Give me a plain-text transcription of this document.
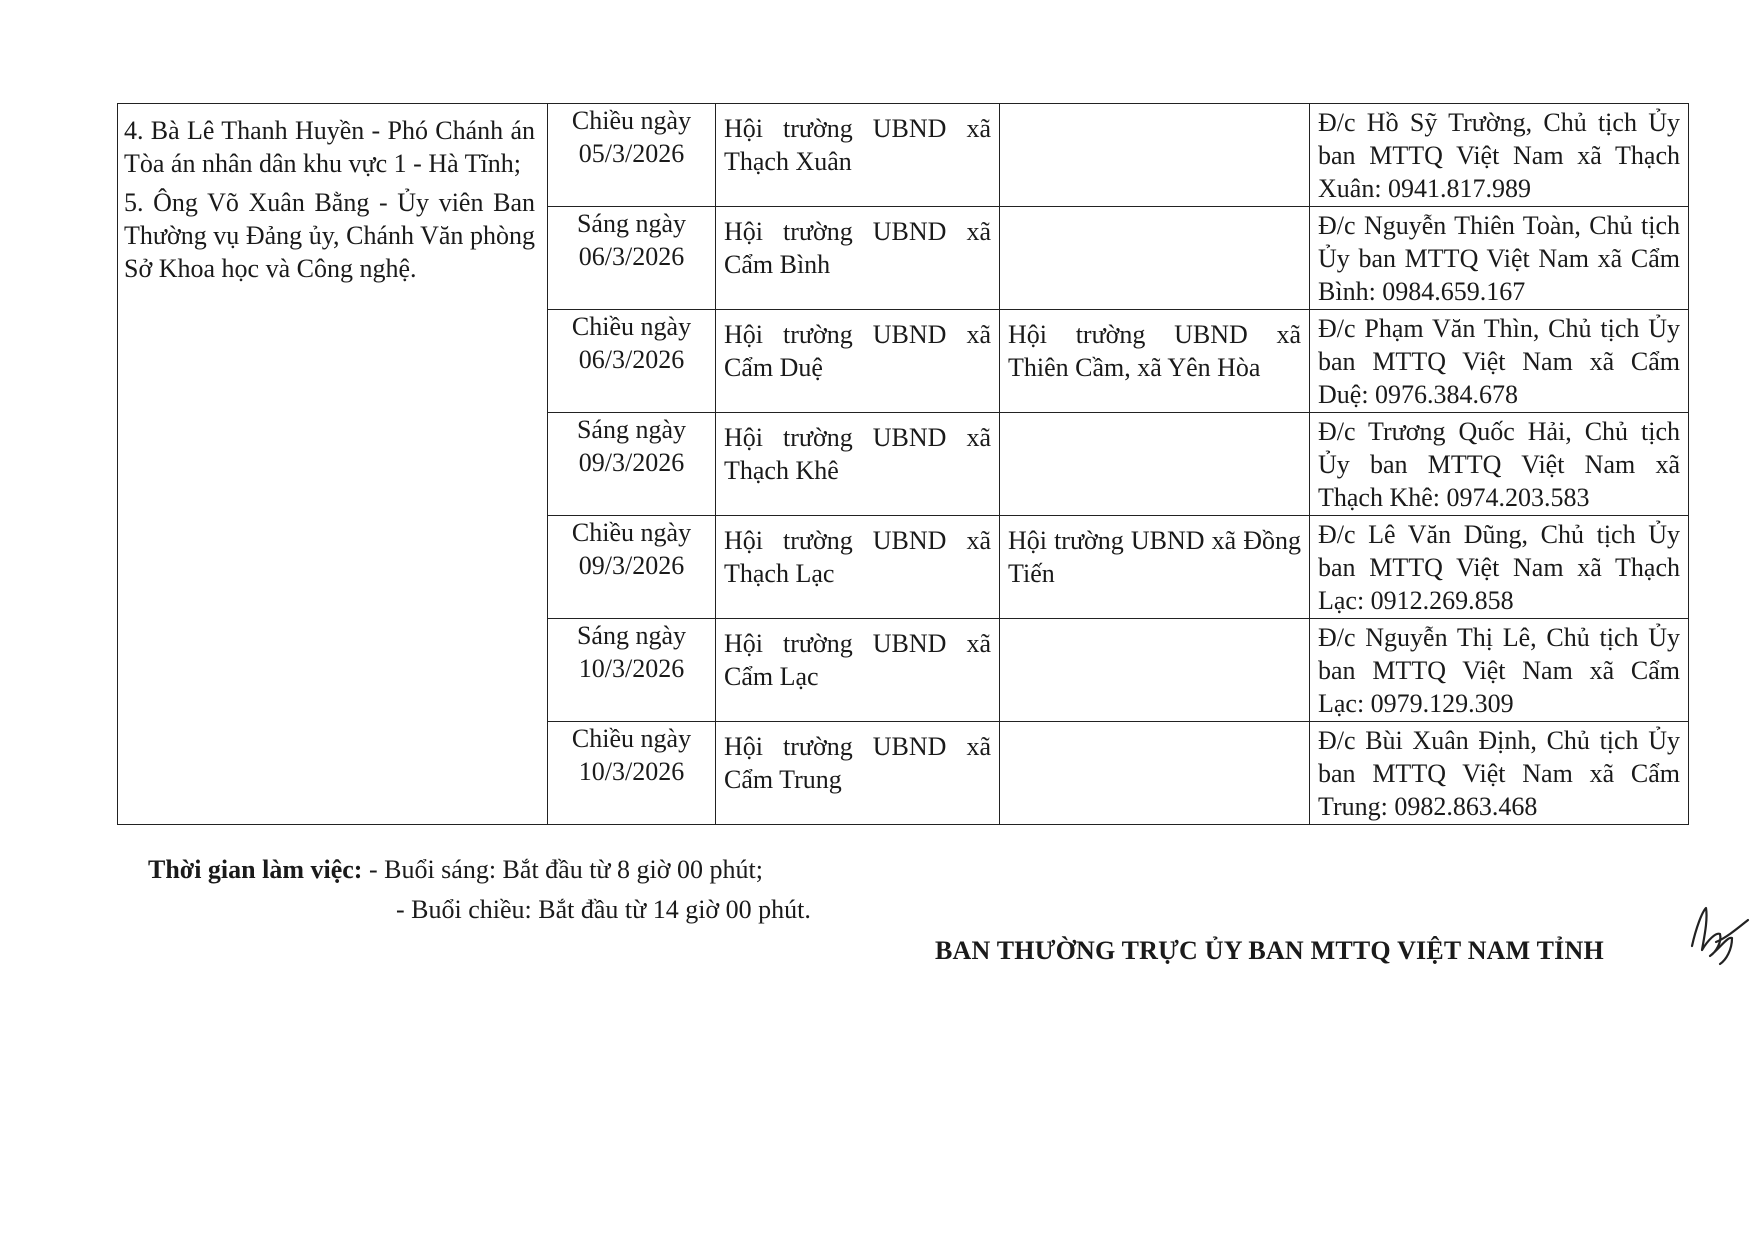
4. Bà Lê Thanh Huyền - Phó Chánh án Tòa án nhân dân khu vực 1 - Hà Tĩnh;

5. Ông Võ Xuân Bằng - Ủy viên Ban Thường vụ Đảng ủy, Chánh Văn phòng Sở Khoa học và Công nghệ.	Chiều ngày 05/3/2026	Hội trường UBND xã Thạch Xuân		Đ/c Hồ Sỹ Trường, Chủ tịch Ủy ban MTTQ Việt Nam xã Thạch Xuân: 0941.817.989
	Sáng ngày 06/3/2026	Hội trường UBND xã Cẩm Bình		Đ/c Nguyễn Thiên Toàn, Chủ tịch Ủy ban MTTQ Việt Nam xã Cẩm Bình: 0984.659.167
	Chiều ngày 06/3/2026	Hội trường UBND xã Cẩm Duệ	Hội trường UBND xã Thiên Cầm, xã Yên Hòa	Đ/c Phạm Văn Thìn, Chủ tịch Ủy ban MTTQ Việt Nam xã Cẩm Duệ: 0976.384.678
	Sáng ngày 09/3/2026	Hội trường UBND xã Thạch Khê		Đ/c Trương Quốc Hải, Chủ tịch Ủy ban MTTQ Việt Nam xã Thạch Khê: 0974.203.583
	Chiều ngày 09/3/2026	Hội trường UBND xã Thạch Lạc	Hội trường UBND xã Đồng Tiến	Đ/c Lê Văn Dũng, Chủ tịch Ủy ban MTTQ Việt Nam xã Thạch Lạc: 0912.269.858
	Sáng ngày 10/3/2026	Hội trường UBND xã Cẩm Lạc		Đ/c Nguyễn Thị Lê, Chủ tịch Ủy ban MTTQ Việt Nam xã Cẩm Lạc: 0979.129.309
	Chiều ngày 10/3/2026	Hội trường UBND xã Cẩm Trung		Đ/c Bùi Xuân Định, Chủ tịch Ủy ban MTTQ Việt Nam xã Cẩm Trung: 0982.863.468
Thời gian làm việc: - Buổi sáng: Bắt đầu từ 8 giờ 00 phút;
- Buổi chiều: Bắt đầu từ 14 giờ 00 phút.
BAN THƯỜNG TRỰC ỦY BAN MTTQ VIỆT NAM TỈNH
